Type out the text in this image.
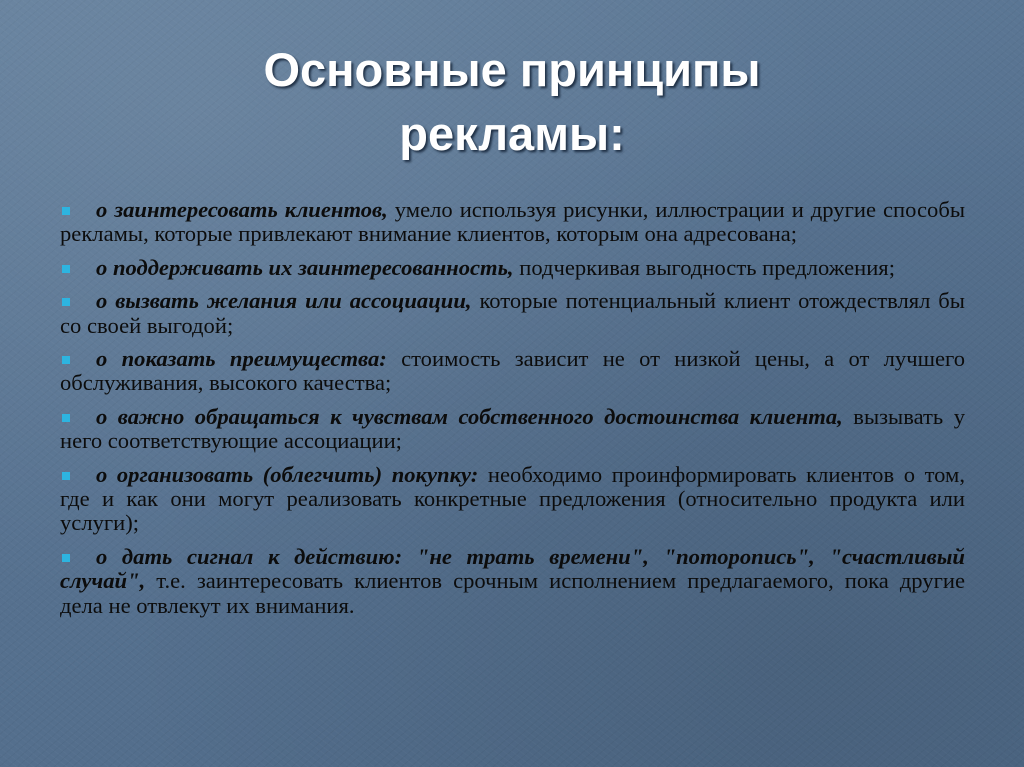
Основные принципы
рекламы:
о заинтересовать клиентов, умело используя рисунки, иллюстрации и другие способы рекламы, которые привлекают внимание клиентов, которым она адресована;
о поддерживать их заинтересованность, подчеркивая выгодность предложения;
о вызвать желания или ассоциации, которые потенциальный клиент отождествлял бы со своей выгодой;
о показать преимущества: стоимость зависит не от низкой цены, а от лучшего обслуживания, высокого качества;
о важно обращаться к чувствам собственного достоинства клиента, вызывать у него соответствующие ассоциации;
о организовать (облегчить) покупку: необходимо проинформировать клиентов о том, где и как они могут реализовать конкретные предложения (относительно продукта или услуги);
о дать сигнал к действию: "не трать времени", "поторопись", "счастливый случай", т.е. заинтересовать клиентов срочным исполнением предлагаемого, пока другие дела не отвлекут их внимания.
